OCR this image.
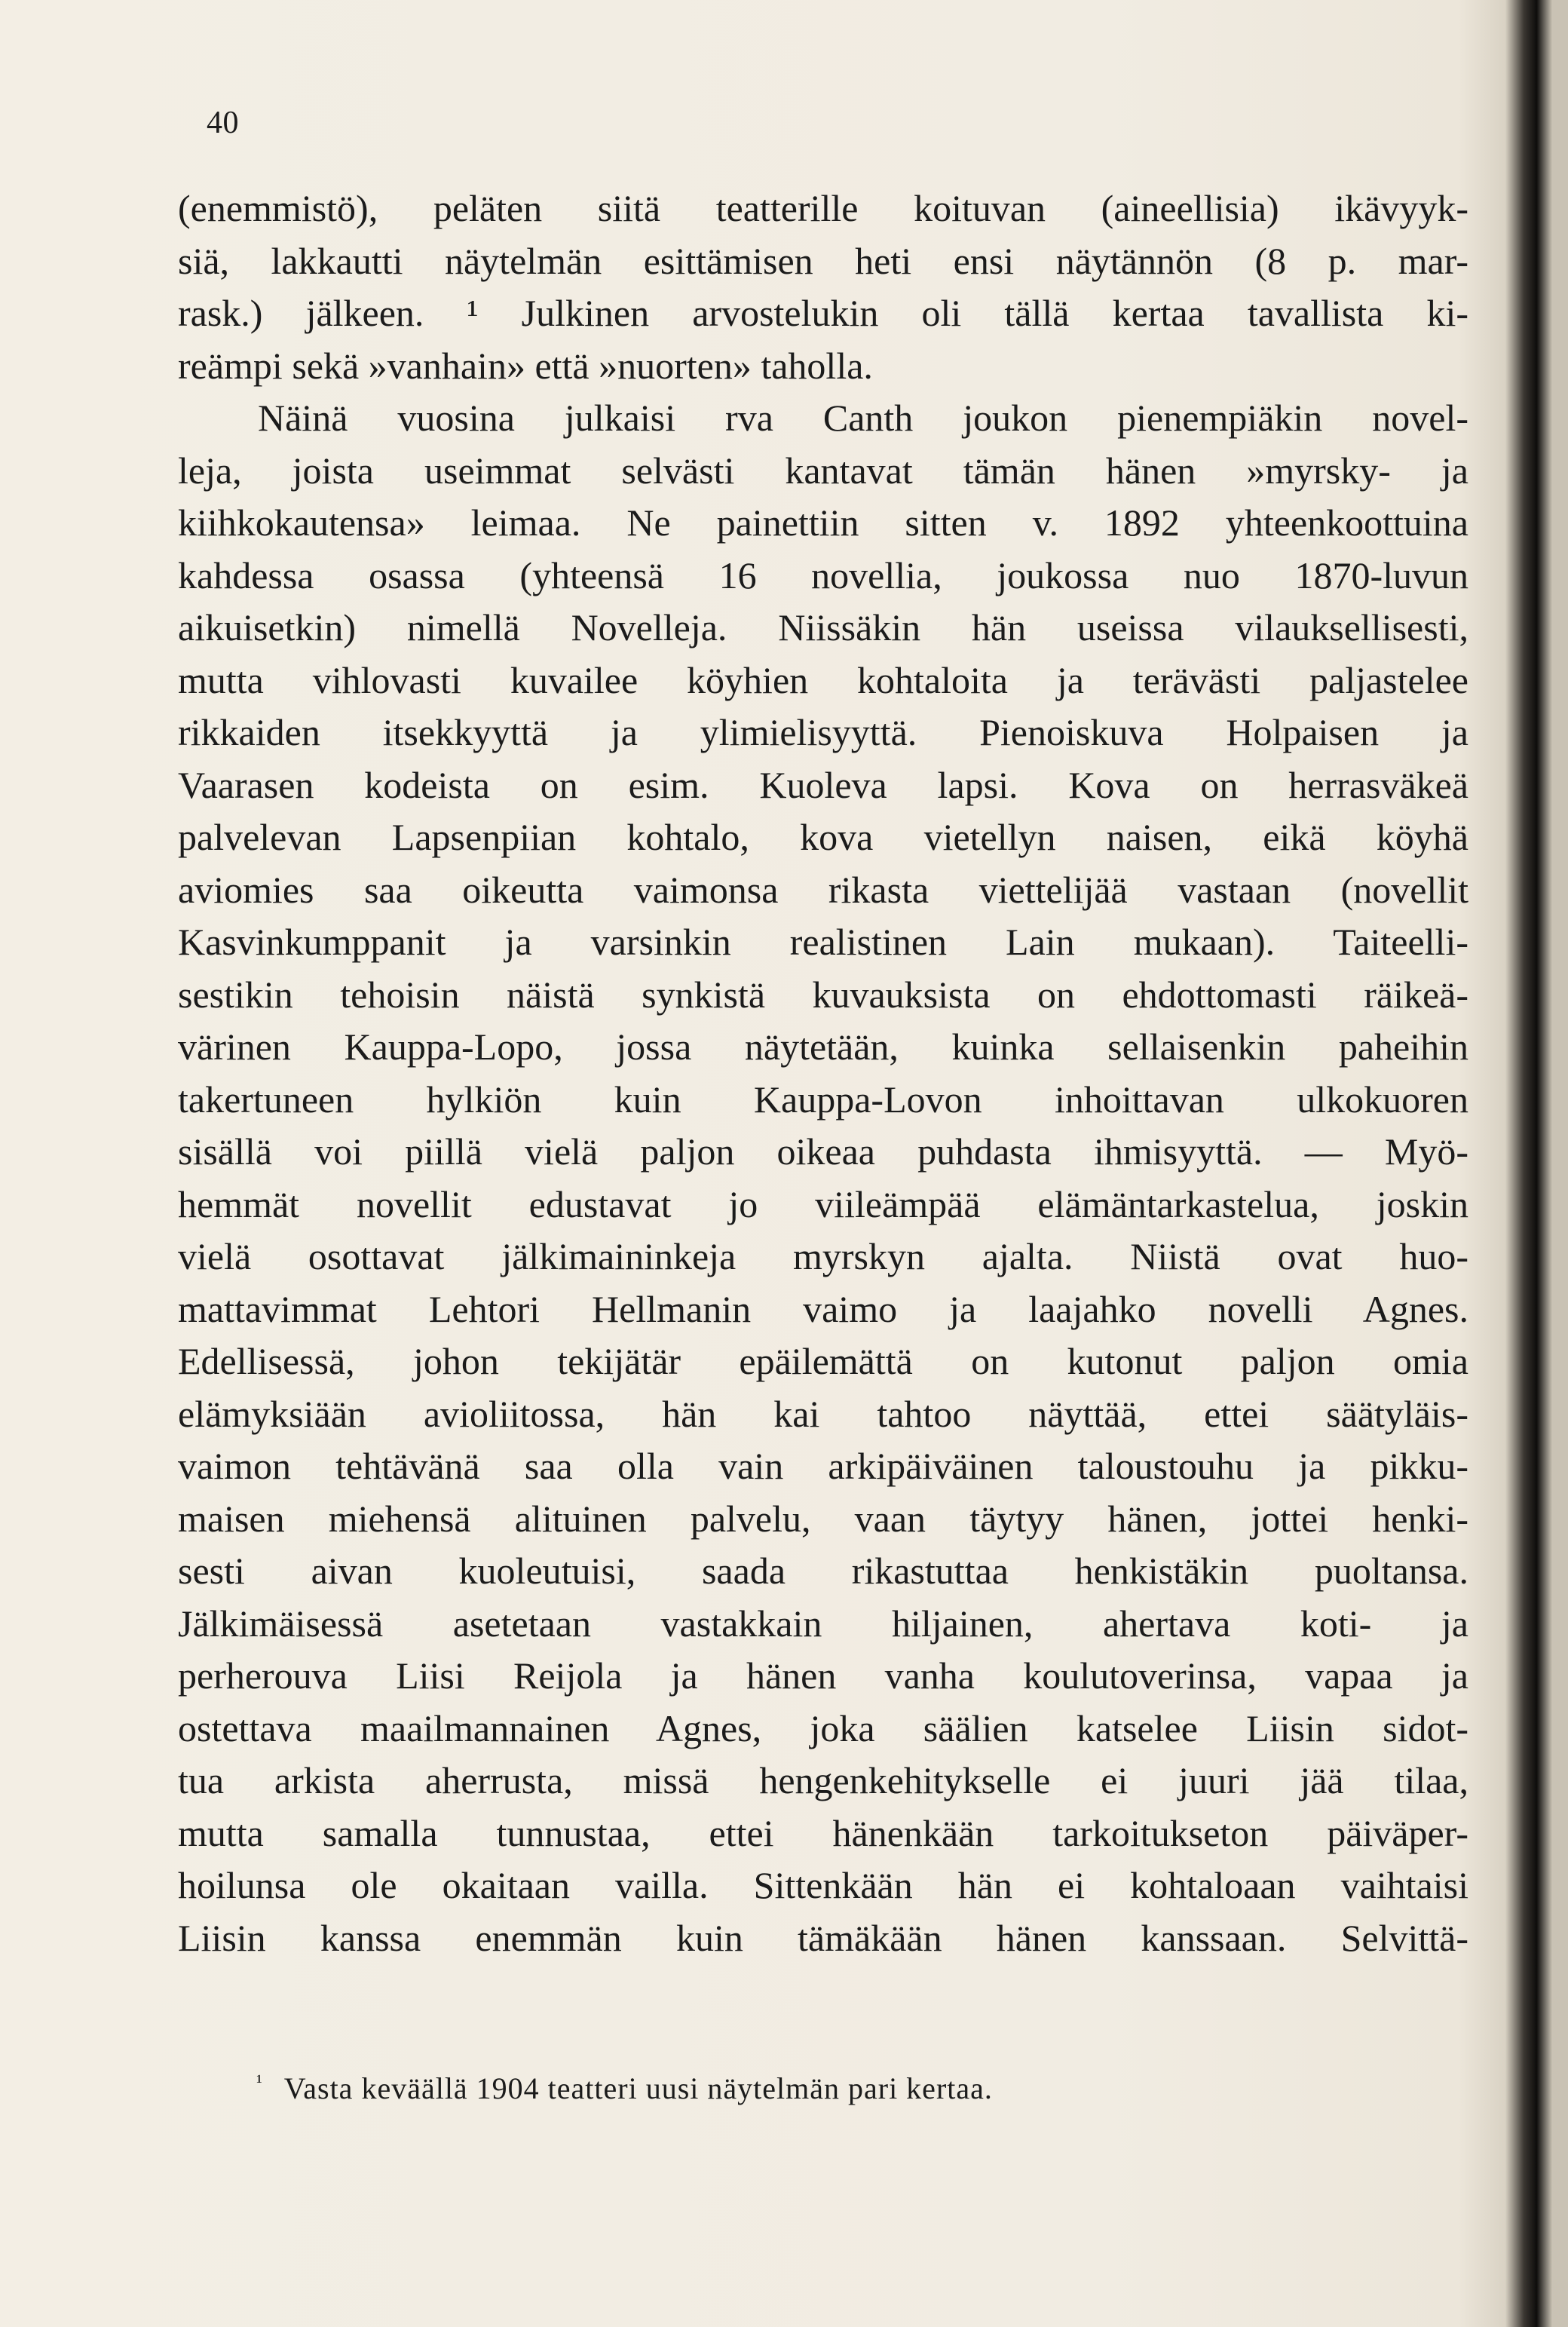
40
(enemmistö), peläten siitä teatterille koituvan (aineellisia) ikävyyk-
siä, lakkautti näytelmän esittämisen heti ensi näytännön (8 p. mar-
rask.) jälkeen. ¹ Julkinen arvostelukin oli tällä kertaa tavallista ki-
reämpi sekä »vanhain» että »nuorten» taholla.
Näinä vuosina julkaisi rva Canth joukon pienempiäkin novel-
leja, joista useimmat selvästi kantavat tämän hänen »myrsky- ja
kiihkokautensa» leimaa. Ne painettiin sitten v. 1892 yhteenkoottuina
kahdessa osassa (yhteensä 16 novellia, joukossa nuo 1870-luvun
aikuisetkin) nimellä Novelleja. Niissäkin hän useissa vilauksellisesti,
mutta vihlovasti kuvailee köyhien kohtaloita ja terävästi paljastelee
rikkaiden itsekkyyttä ja ylimielisyyttä. Pienoiskuva Holpaisen ja
Vaarasen kodeista on esim. Kuoleva lapsi. Kova on herrasväkeä
palvelevan Lapsenpiian kohtalo, kova vietellyn naisen, eikä köyhä
aviomies saa oikeutta vaimonsa rikasta viettelijää vastaan (novellit
Kasvinkumppanit ja varsinkin realistinen Lain mukaan). Taiteelli-
sestikin tehoisin näistä synkistä kuvauksista on ehdottomasti räikeä-
värinen Kauppa-Lopo, jossa näytetään, kuinka sellaisenkin paheihin
takertuneen hylkiön kuin Kauppa-Lovon inhoittavan ulkokuoren
sisällä voi piillä vielä paljon oikeaa puhdasta ihmisyyttä. — Myö-
hemmät novellit edustavat jo viileämpää elämäntarkastelua, joskin
vielä osottavat jälkimaininkeja myrskyn ajalta. Niistä ovat huo-
mattavimmat Lehtori Hellmanin vaimo ja laajahko novelli Agnes.
Edellisessä, johon tekijätär epäilemättä on kutonut paljon omia
elämyksiään avioliitossa, hän kai tahtoo näyttää, ettei säätyläis-
vaimon tehtävänä saa olla vain arkipäiväinen taloustouhu ja pikku-
maisen miehensä alituinen palvelu, vaan täytyy hänen, jottei henki-
sesti aivan kuoleutuisi, saada rikastuttaa henkistäkin puoltansa.
Jälkimäisessä asetetaan vastakkain hiljainen, ahertava koti- ja
perherouva Liisi Reijola ja hänen vanha koulutoverinsa, vapaa ja
ostettava maailmannainen Agnes, joka säälien katselee Liisin sidot-
tua arkista aherrusta, missä hengenkehitykselle ei juuri jää tilaa,
mutta samalla tunnustaa, ettei hänenkään tarkoitukseton päiväper-
hoilunsa ole okaitaan vailla. Sittenkään hän ei kohtaloaan vaihtaisi
Liisin kanssa enemmän kuin tämäkään hänen kanssaan. Selvittä-
$^{^1}$ Vasta keväällä 1904 teatteri uusi näytelmän pari kertaa.
